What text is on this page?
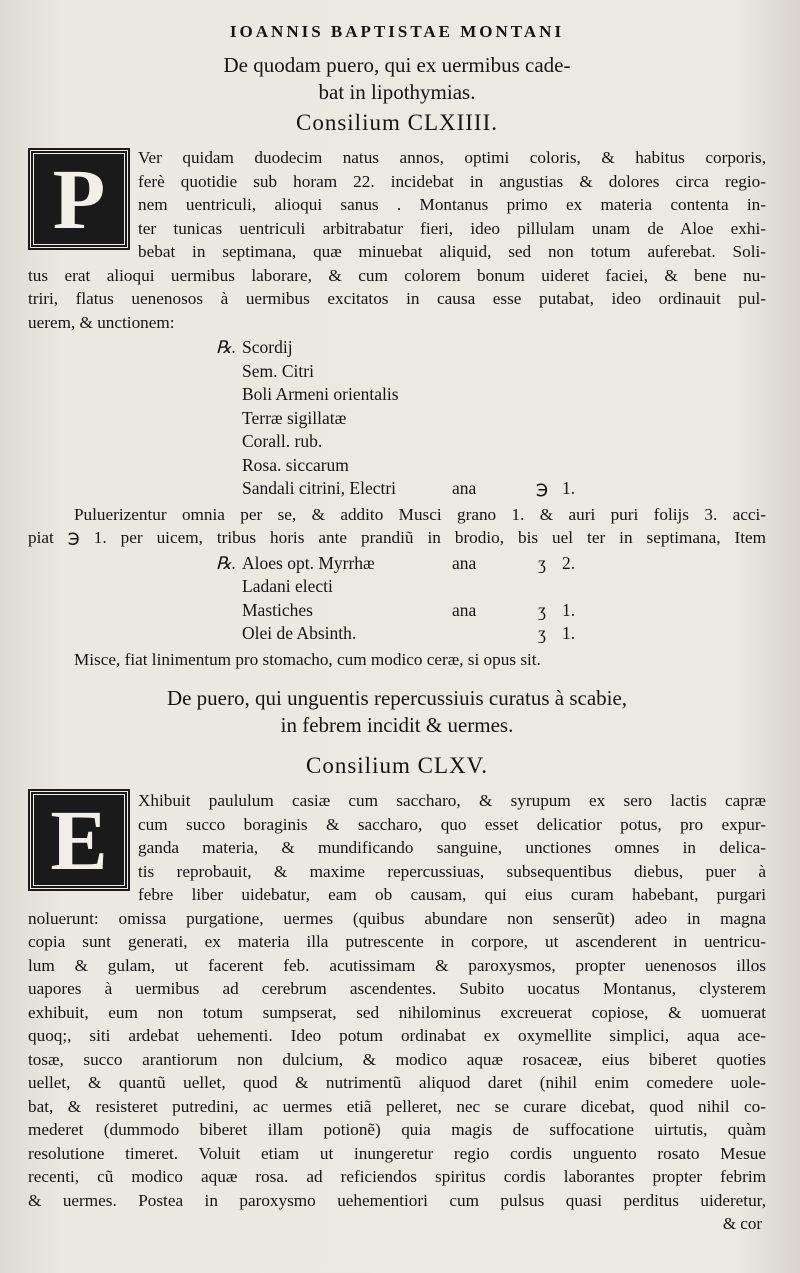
IOANNIS BAPTISTAE MONTANI
De quodam puero, qui ex uermibus cade-
bat in lipothymias.
Consilium CLXIIII.
P	Ver quidam duodecim natus annos, optimi coloris, & habitus corporis,
ferè quotidie sub horam 22. incidebat in angustias & dolores circa regio-
nem uentriculi, alioqui sanus . Montanus primo ex materia contenta in-
ter tunicas uentriculi arbitrabatur fieri, ideo pillulam unam de Aloe exhi-
bebat in septimana, quæ minuebat aliquid, sed non totum auferebat. Soli-
tus erat alioqui uermibus laborare, & cum colorem bonum uideret faciei, & bene nu-
triri, flatus uenenosos à uermibus excitatos in causa esse putabat, ideo ordinauit pul-
uerem, & unctionem:
℞. Scordij
Sem. Citri
Boli Armeni orientalis
Terræ sigillatæ
Corall. rub.
Rosa. siccarum
Sandali citrini, Electri	ana	℈ 1.
Puluerizentur omnia per se, & addito Musci grano 1. & auri puri folijs 3. acci-
piat ℈ 1. per uicem, tribus horis ante prandiũ in brodio, bis uel ter in septimana, Item
℞. Aloes opt. Myrrhæ	ana	ʒ 2.
Ladani electi
Mastiches	ana	ʒ 1.
Olei de Absinth.	ʒ 1.
Misce, fiat linimentum pro stomacho, cum modico ceræ, si opus sit.
De puero, qui unguentis repercussiuis curatus à scabie,
in febrem incidit & uermes.
Consilium CLXV.
E	Xhibuit paululum casiæ cum saccharo, & syrupum ex sero lactis capræ
cum succo boraginis & saccharo, quo esset delicatior potus, pro expur-
ganda materia, & mundificando sanguine, unctiones omnes in delica-
tis reprobauit, & maxime repercussiuas, subsequentibus diebus, puer à
febre liber uidebatur, eam ob causam, qui eius curam habebant, purgari
noluerunt: omissa purgatione, uermes (quibus abundare non senserũt) adeo in magna
copia sunt generati, ex materia illa putrescente in corpore, ut ascenderent in uentricu-
lum & gulam, ut facerent feb. acutissimam & paroxysmos, propter uenenosos illos
uapores à uermibus ad cerebrum ascendentes. Subito uocatus Montanus, clysterem
exhibuit, eum non totum sumpserat, sed nihilominus excreuerat copiose, & uomuerat
quoq;, siti ardebat uehementi. Ideo potum ordinabat ex oxymellite simplici, aqua ace-
tosæ, succo arantiorum non dulcium, & modico aquæ rosaceæ, eius biberet quoties
uellet, & quantũ uellet, quod & nutrimentũ aliquod daret (nihil enim comedere uole-
bat, & resisteret putredini, ac uermes etiã pelleret, nec se curare dicebat, quod nihil co-
mederet (dummodo biberet illam potionẽ) quia magis de suffocatione uirtutis, quàm
resolutione timeret. Voluit etiam ut inungeretur regio cordis unguento rosato Mesue
recenti, cũ modico aquæ rosa. ad reficiendos spiritus cordis laborantes propter febrim
& uermes. Postea in paroxysmo uehementiori cum pulsus quasi perditus uideretur,
& cor
